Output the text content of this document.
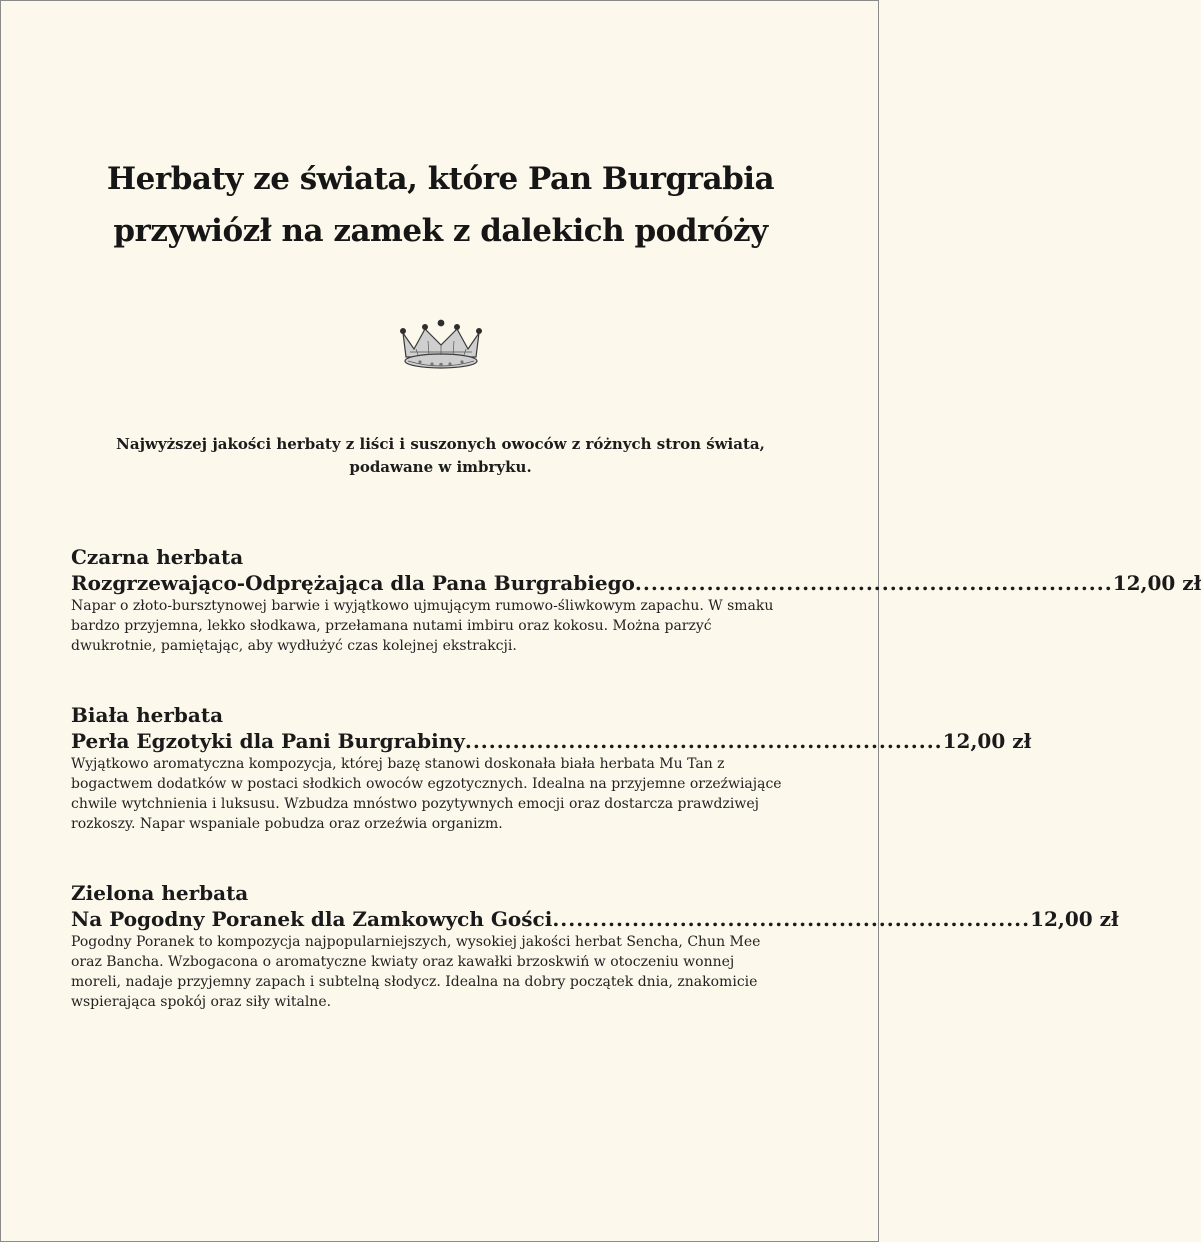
Herbaty ze świata, które Pan Burgrabia
przywiózł na zamek z dalekich podróży
Najwyższej jakości herbaty z liści i suszonych owoców z różnych stron świata,
podawane w imbryku.
Czarna herbata
Rozgrzewająco-Odprężająca dla Pana Burgrabiego ............................................................ 12,00 zł

Napar o złoto-bursztynowej barwie i wyjątkowo ujmującym rumowo-śliwkowym zapachu. W smaku bardzo przyjemna, lekko słodkawa, przełamana nutami imbiru oraz kokosu. Można parzyć dwukrotnie, pamiętając, aby wydłużyć czas kolejnej ekstrakcji.

Biała herbata
Perła Egzotyki dla Pani Burgrabiny ............................................................ 12,00 zł

Wyjątkowo aromatyczna kompozycja, której bazę stanowi doskonała biała herbata Mu Tan z bogactwem dodatków w postaci słodkich owoców egzotycznych. Idealna na przyjemne orzeźwiające chwile wytchnienia i luksusu. Wzbudza mnóstwo pozytywnych emocji oraz dostarcza prawdziwej rozkoszy. Napar wspaniale pobudza oraz orzeźwia organizm.

Zielona herbata
Na Pogodny Poranek dla Zamkowych Gości ............................................................ 12,00 zł

Pogodny Poranek to kompozycja najpopularniejszych, wysokiej jakości herbat Sencha, Chun Mee oraz Bancha. Wzbogacona o aromatyczne kwiaty oraz kawałki brzoskwiń w otoczeniu wonnej moreli, nadaje przyjemny zapach i subtelną słodycz. Idealna na dobry początek dnia, znakomicie wspierająca spokój oraz siły witalne.
